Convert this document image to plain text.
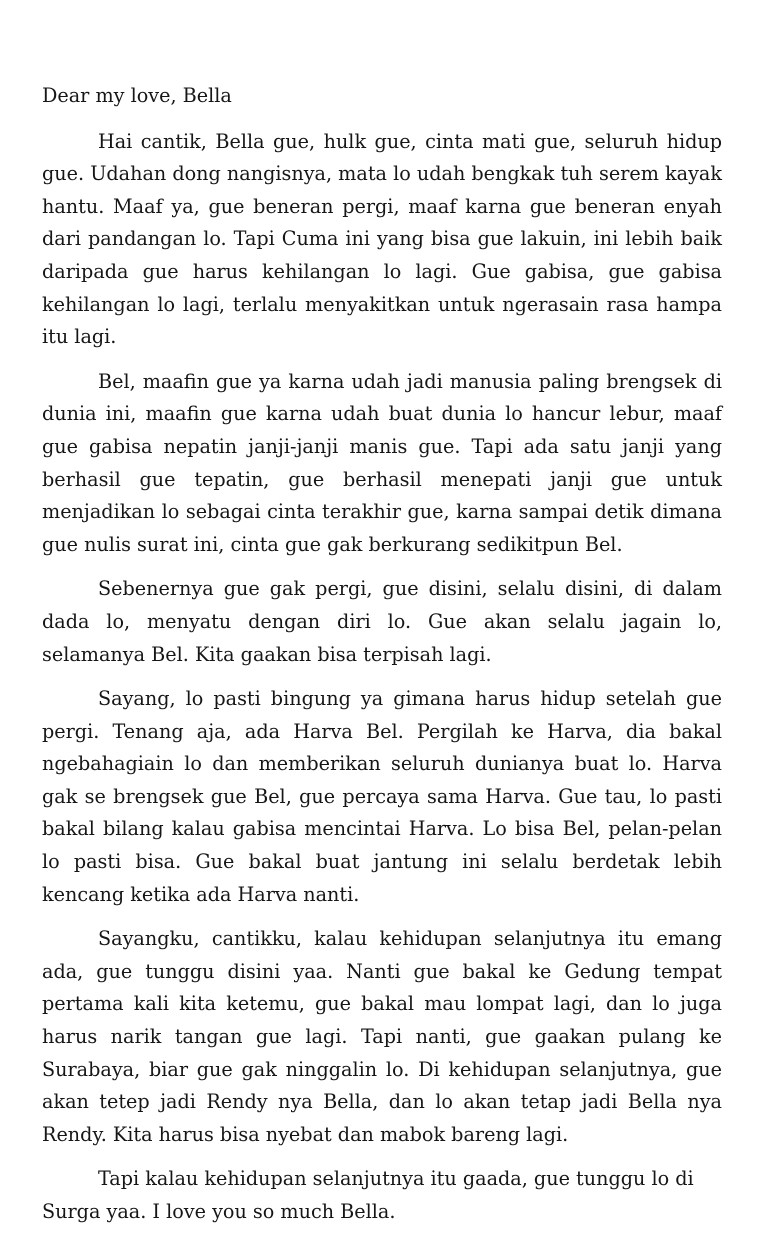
Dear my love, Bella

Hai cantik, Bella gue, hulk gue, cinta mati gue, seluruh hidup gue. Udahan dong nangisnya, mata lo udah bengkak tuh serem kayak hantu. Maaf ya, gue beneran pergi, maaf karna gue beneran enyah dari pandangan lo. Tapi Cuma ini yang bisa gue lakuin, ini lebih baik daripada gue harus kehilangan lo lagi. Gue gabisa, gue gabisa kehilangan lo lagi, terlalu menyakitkan untuk ngerasain rasa hampa itu lagi.

Bel, maafin gue ya karna udah jadi manusia paling brengsek di dunia ini, maafin gue karna udah buat dunia lo hancur lebur, maaf gue gabisa nepatin janji-janji manis gue. Tapi ada satu janji yang berhasil gue tepatin, gue berhasil menepati janji gue untuk menjadikan lo sebagai cinta terakhir gue, karna sampai detik dimana gue nulis surat ini, cinta gue gak berkurang sedikitpun Bel.

Sebenernya gue gak pergi, gue disini, selalu disini, di dalam dada lo, menyatu dengan diri lo. Gue akan selalu jagain lo, selamanya Bel. Kita gaakan bisa terpisah lagi.

Sayang, lo pasti bingung ya gimana harus hidup setelah gue pergi. Tenang aja, ada Harva Bel. Pergilah ke Harva, dia bakal ngebahagiain lo dan memberikan seluruh dunianya buat lo. Harva gak se brengsek gue Bel, gue percaya sama Harva. Gue tau, lo pasti bakal bilang kalau gabisa mencintai Harva. Lo bisa Bel, pelan-pelan lo pasti bisa. Gue bakal buat jantung ini selalu berdetak lebih kencang ketika ada Harva nanti.

Sayangku, cantikku, kalau kehidupan selanjutnya itu emang ada, gue tunggu disini yaa. Nanti gue bakal ke Gedung tempat pertama kali kita ketemu, gue bakal mau lompat lagi, dan lo juga harus narik tangan gue lagi. Tapi nanti, gue gaakan pulang ke Surabaya, biar gue gak ninggalin lo. Di kehidupan selanjutnya, gue akan tetep jadi Rendy nya Bella, dan lo akan tetap jadi Bella nya Rendy. Kita harus bisa nyebat dan mabok bareng lagi.

Tapi kalau kehidupan selanjutnya itu gaada, gue tunggu lo di Surga yaa. I love you so much Bella.
